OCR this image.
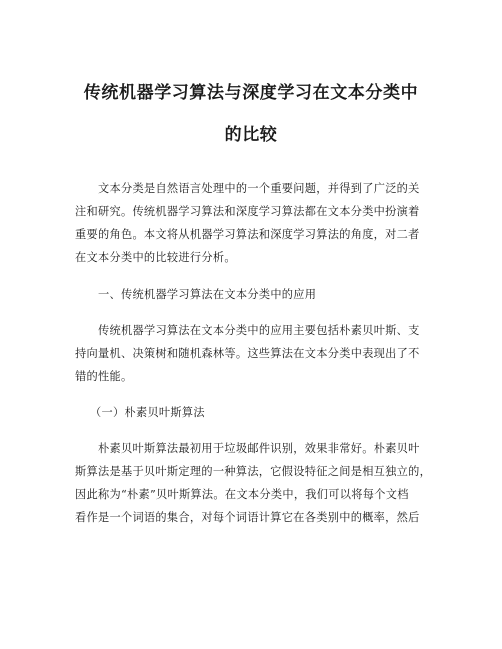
传统机器学习算法与深度学习在文本分类中
的比较
文本分类是自然语言处理中的一个重要问题，并得到了广泛的关
注和研究。传统机器学习算法和深度学习算法都在文本分类中扮演着
重要的角色。本文将从机器学习算法和深度学习算法的角度，对二者
在文本分类中的比较进行分析。
一、传统机器学习算法在文本分类中的应用
传统机器学习算法在文本分类中的应用主要包括朴素贝叶斯、支
持向量机、决策树和随机森林等。这些算法在文本分类中表现出了不
错的性能。
（一）朴素贝叶斯算法
朴素贝叶斯算法最初用于垃圾邮件识别，效果非常好。朴素贝叶
斯算法是基于贝叶斯定理的一种算法，它假设特征之间是相互独立的，
因此称为“朴素”贝叶斯算法。在文本分类中，我们可以将每个文档
看作是一个词语的集合，对每个词语计算它在各类别中的概率，然后
